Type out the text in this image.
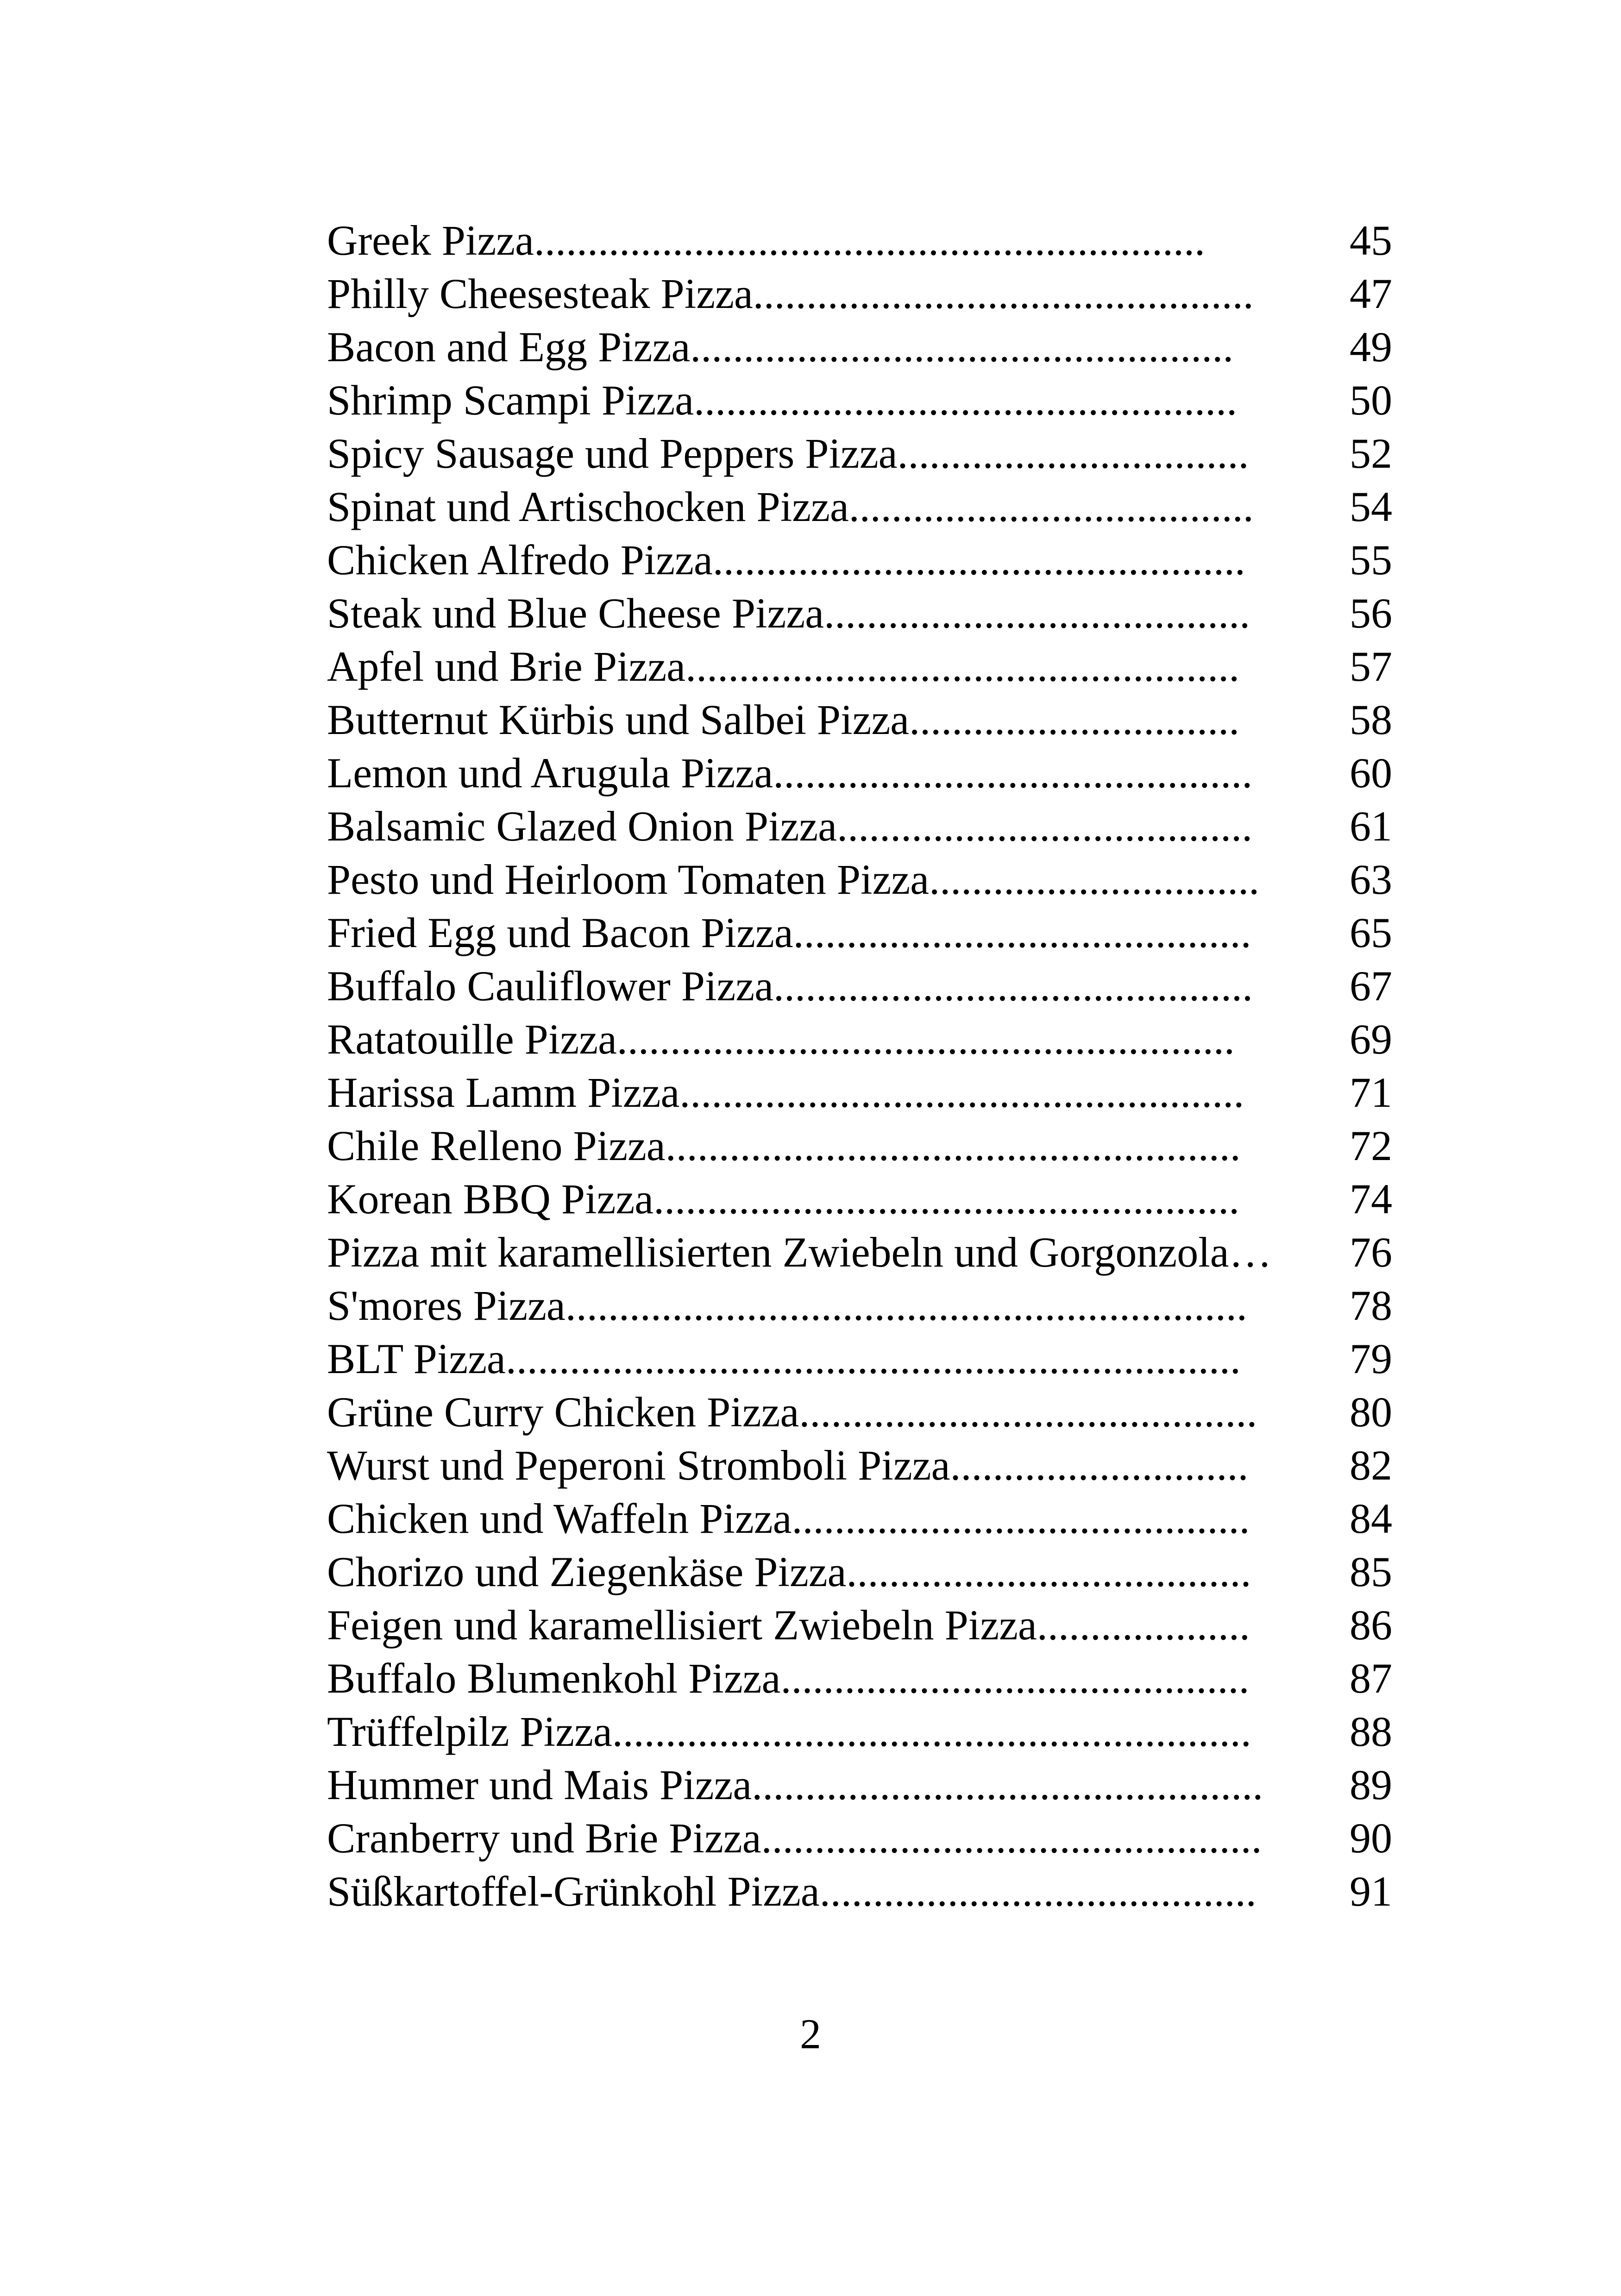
Greek Pizza ...............................................................	45
Philly Cheesesteak Pizza ...............................................	47
Bacon and Egg Pizza ...................................................	49
Shrimp Scampi Pizza ...................................................	50
Spicy Sausage und Peppers Pizza .................................	52
Spinat und Artischocken Pizza ......................................	54
Chicken Alfredo Pizza ..................................................	55
Steak und Blue Cheese Pizza ........................................	56
Apfel und Brie Pizza ....................................................	57
Butternut Kürbis und Salbei Pizza ...............................	58
Lemon und Arugula Pizza .............................................	60
Balsamic Glazed Onion Pizza .......................................	61
Pesto und Heirloom Tomaten Pizza ...............................	63
Fried Egg und Bacon Pizza ...........................................	65
Buffalo Cauliflower Pizza .............................................	67
Ratatouille Pizza ..........................................................	69
Harissa Lamm Pizza .....................................................	71
Chile Relleno Pizza ......................................................	72
Korean BBQ Pizza .......................................................	74
Pizza mit karamellisierten Zwiebeln und Gorgonzola …	76
S'mores Pizza ................................................................	78
BLT Pizza .....................................................................	79
Grüne Curry Chicken Pizza ...........................................	80
Wurst und Peperoni Stromboli Pizza ............................	82
Chicken und Waffeln Pizza ...........................................	84
Chorizo und Ziegenkäse Pizza ......................................	85
Feigen und karamellisiert Zwiebeln Pizza ....................	86
Buffalo Blumenkohl Pizza ............................................	87
Trüffelpilz Pizza ............................................................	88
Hummer und Mais Pizza ................................................	89
Cranberry und Brie Pizza ...............................................	90
Süßkartoffel-Grünkohl Pizza .........................................	91
2
